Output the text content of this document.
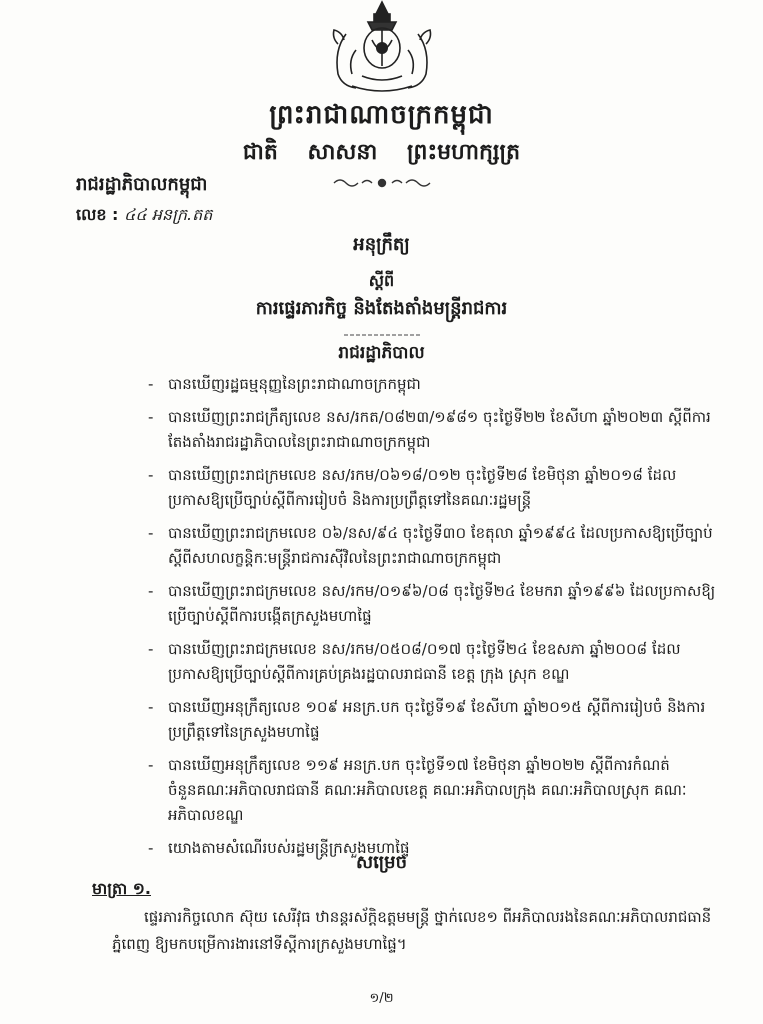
ព្រះរាជាណាចក្រកម្ពុជា
ជាតិ សាសនា ព្រះមហាក្សត្រ
រាជរដ្ឋាភិបាលកម្ពុជា
លេខ : ៤៤ អនក្រ.តត
អនុក្រឹត្យ
ស្តីពី
ការផ្ទេរភារកិច្ច និងតែងតាំងមន្ត្រីរាជការ
រាជរដ្ឋាភិបាល
- បានឃើញរដ្ឋធម្មនុញ្ញនៃព្រះរាជាណាចក្រកម្ពុជា
- បានឃើញព្រះរាជក្រឹត្យលេខ នស/រកត/០៨២៣/១៩៨១ ចុះថ្ងៃទី២២ ខែសីហា ឆ្នាំ២០២៣ ស្តីពីការតែងតាំងរាជរដ្ឋាភិបាលនៃព្រះរាជាណាចក្រកម្ពុជា
- បានឃើញព្រះរាជក្រមលេខ នស/រកម/០៦១៨/០១២ ចុះថ្ងៃទី២៨ ខែមិថុនា ឆ្នាំ២០១៨ ដែលប្រកាសឱ្យប្រើច្បាប់ស្តីពីការរៀបចំ និងការប្រព្រឹត្តទៅនៃគណៈរដ្ឋមន្ត្រី
- បានឃើញព្រះរាជក្រមលេខ ០៦/នស/៩៤ ចុះថ្ងៃទី៣០ ខែតុលា ឆ្នាំ១៩៩៤ ដែលប្រកាសឱ្យប្រើច្បាប់ស្តីពីសហលក្ខន្តិកៈមន្ត្រីរាជការស៊ីវិលនៃព្រះរាជាណាចក្រកម្ពុជា
- បានឃើញព្រះរាជក្រមលេខ នស/រកម/០១៩៦/០៨ ចុះថ្ងៃទី២៤ ខែមករា ឆ្នាំ១៩៩៦ ដែលប្រកាសឱ្យប្រើច្បាប់ស្តីពីការបង្កើតក្រសួងមហាផ្ទៃ
- បានឃើញព្រះរាជក្រមលេខ នស/រកម/០៥០៨/០១៧ ចុះថ្ងៃទី២៤ ខែឧសភា ឆ្នាំ២០០៨ ដែលប្រកាសឱ្យប្រើច្បាប់ស្តីពីការគ្រប់គ្រងរដ្ឋបាលរាជធានី ខេត្ត ក្រុង ស្រុក ខណ្ឌ
- បានឃើញអនុក្រឹត្យលេខ ១០៩ អនក្រ.បក ចុះថ្ងៃទី១៩ ខែសីហា ឆ្នាំ២០១៥ ស្តីពីការរៀបចំ និងការប្រព្រឹត្តទៅនៃក្រសួងមហាផ្ទៃ
- បានឃើញអនុក្រឹត្យលេខ ១១៩ អនក្រ.បក ចុះថ្ងៃទី១៧ ខែមិថុនា ឆ្នាំ២០២២ ស្តីពីការកំណត់ចំនួនគណៈអភិបាលរាជធានី គណៈអភិបាលខេត្ត គណៈអភិបាលក្រុង គណៈអភិបាលស្រុក គណៈអភិបាលខណ្ឌ
- យោងតាមសំណើរបស់រដ្ឋមន្ត្រីក្រសួងមហាផ្ទៃ
សម្រេច
មាត្រា ១.
ផ្ទេរភារកិច្ចលោក ស៊ុយ សេរីវុធ ឋានន្តរស័ក្តិឧត្តមមន្ត្រី ថ្នាក់លេខ១ ពីអភិបាលរងនៃគណៈអភិបាលរាជធានីភ្នំពេញ ឱ្យមកបម្រើការងារនៅទីស្តីការក្រសួងមហាផ្ទៃ។
១/២
